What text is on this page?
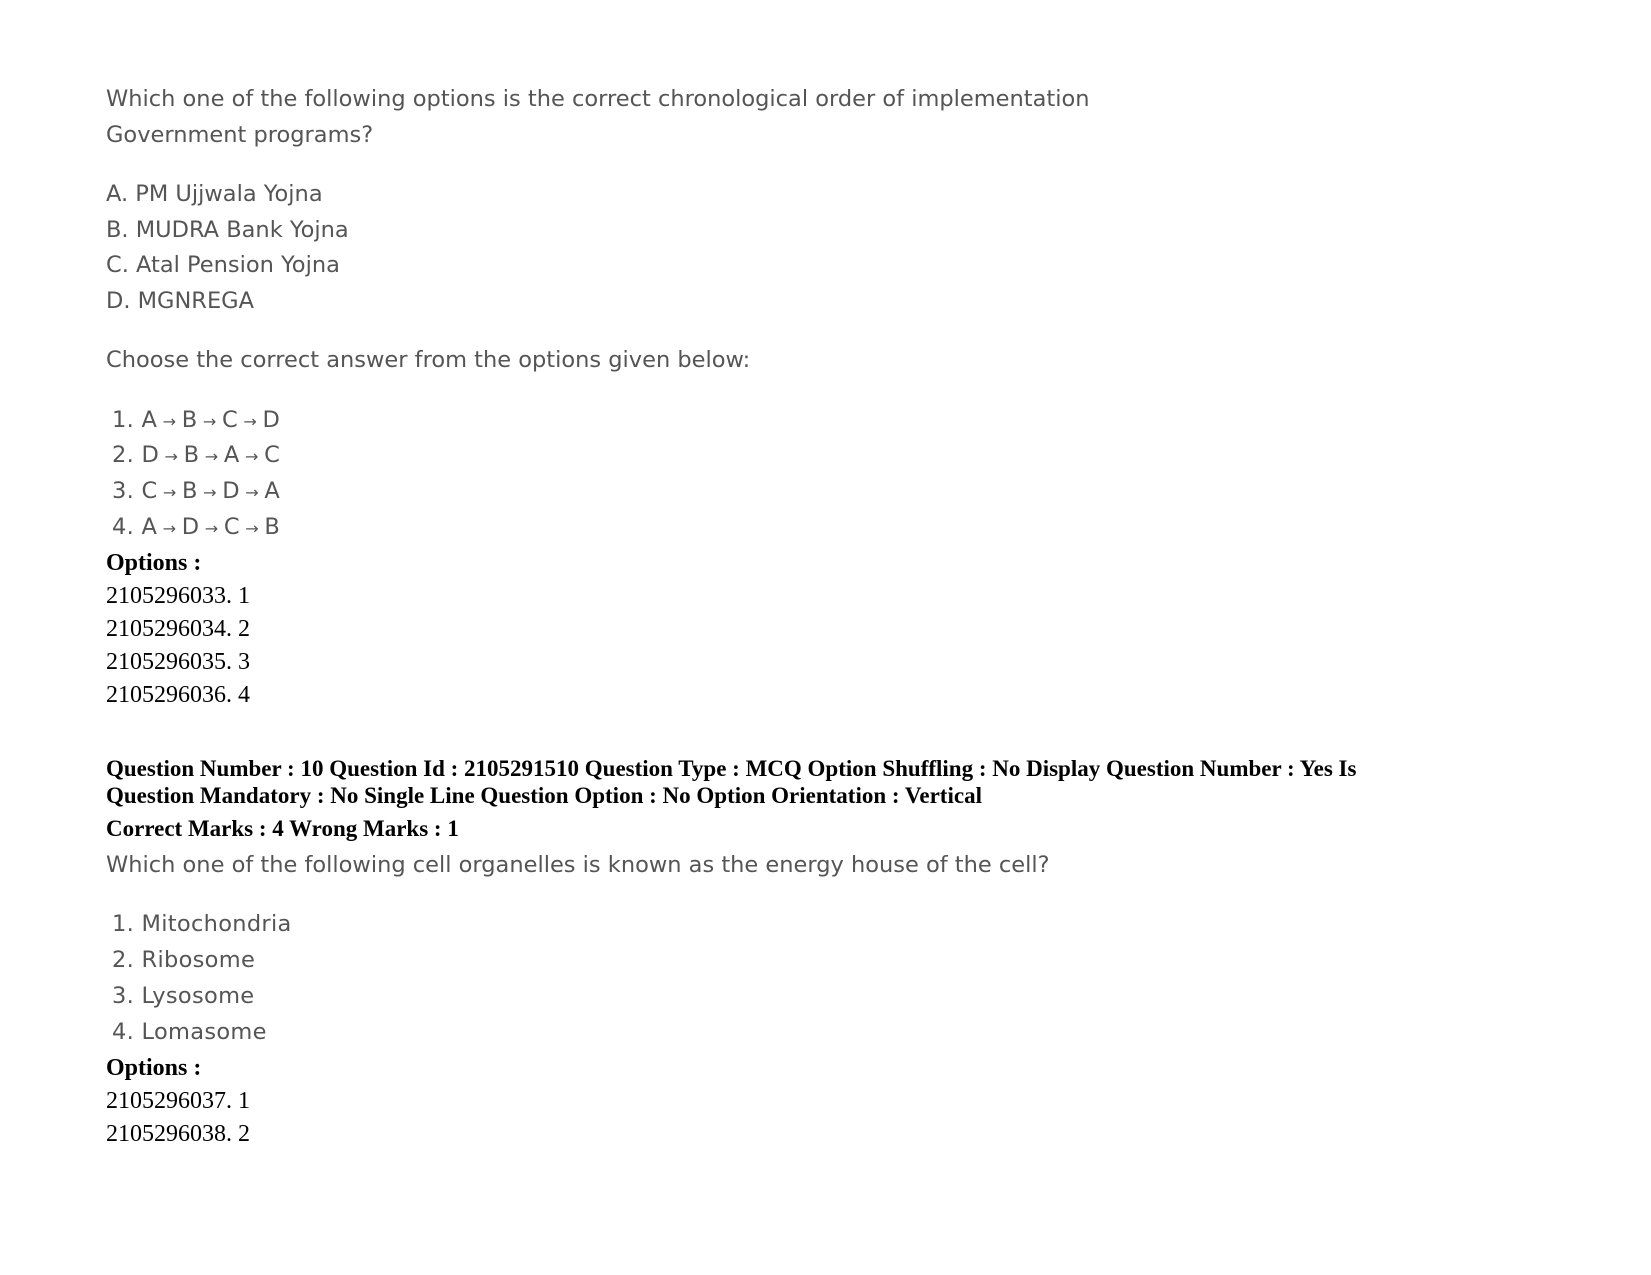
Which one of the following options is the correct chronological order of implementation
Government programs?
A. PM Ujjwala Yojna
B. MUDRA Bank Yojna
C. Atal Pension Yojna
D. MGNREGA
Choose the correct answer from the options given below:
1. A → B → C → D
2. D → B → A → C
3. C → B → D → A
4. A → D → C → B
Options :
2105296033. 1
2105296034. 2
2105296035. 3
2105296036. 4
Question Number : 10 Question Id : 2105291510 Question Type : MCQ Option Shuffling : No Display Question Number : Yes Is
Question Mandatory : No Single Line Question Option : No Option Orientation : Vertical
Correct Marks : 4 Wrong Marks : 1
Which one of the following cell organelles is known as the energy house of the cell?
1. Mitochondria
2. Ribosome
3. Lysosome
4. Lomasome
Options :
2105296037. 1
2105296038. 2
